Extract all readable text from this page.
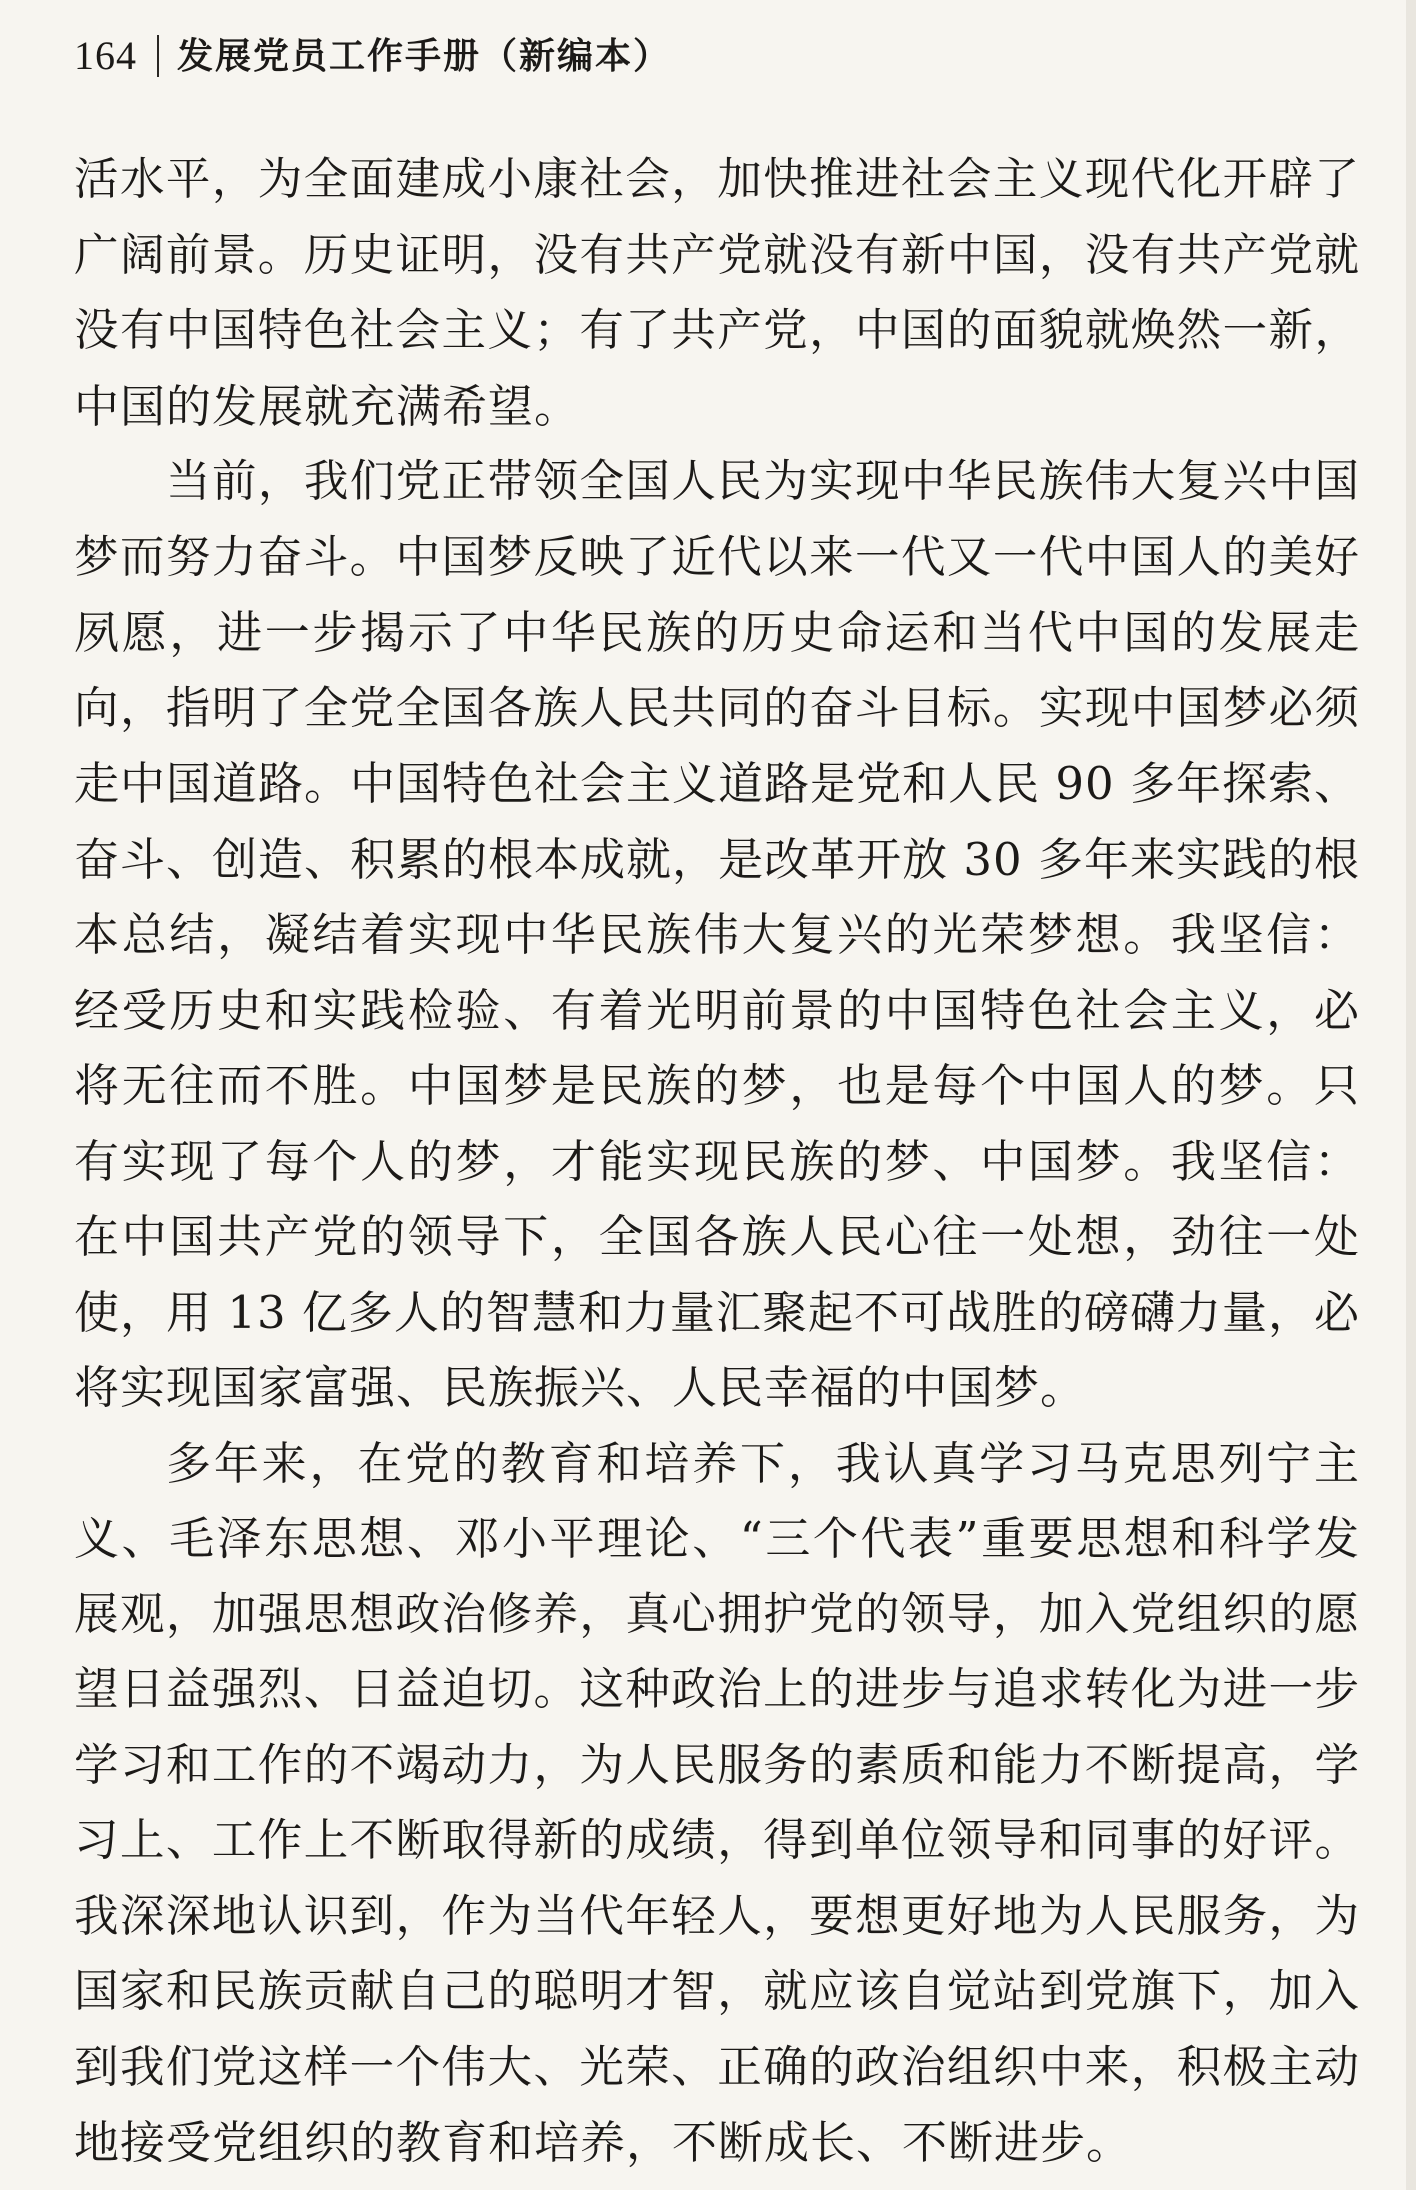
164 发展党员工作手册（新编本）
活水平，为全面建成小康社会，加快推进社会主义现代化开辟了
广阔前景。历史证明，没有共产党就没有新中国，没有共产党就
没有中国特色社会主义；有了共产党，中国的面貌就焕然一新，
中国的发展就充满希望。
当前，我们党正带领全国人民为实现中华民族伟大复兴中国
梦而努力奋斗。中国梦反映了近代以来一代又一代中国人的美好
夙愿，进一步揭示了中华民族的历史命运和当代中国的发展走
向，指明了全党全国各族人民共同的奋斗目标。实现中国梦必须
走中国道路。中国特色社会主义道路是党和人民 90 多年探索、
奋斗、创造、积累的根本成就，是改革开放 30 多年来实践的根
本总结，凝结着实现中华民族伟大复兴的光荣梦想。我坚信：
经受历史和实践检验、有着光明前景的中国特色社会主义，必
将无往而不胜。中国梦是民族的梦，也是每个中国人的梦。只
有实现了每个人的梦，才能实现民族的梦、中国梦。我坚信：
在中国共产党的领导下，全国各族人民心往一处想，劲往一处
使，用 13 亿多人的智慧和力量汇聚起不可战胜的磅礴力量，必
将实现国家富强、民族振兴、人民幸福的中国梦。
多年来，在党的教育和培养下，我认真学习马克思列宁主
义、毛泽东思想、邓小平理论、“三个代表”重要思想和科学发
展观，加强思想政治修养，真心拥护党的领导，加入党组织的愿
望日益强烈、日益迫切。这种政治上的进步与追求转化为进一步
学习和工作的不竭动力，为人民服务的素质和能力不断提高，学
习上、工作上不断取得新的成绩，得到单位领导和同事的好评。
我深深地认识到，作为当代年轻人，要想更好地为人民服务，为
国家和民族贡献自己的聪明才智，就应该自觉站到党旗下，加入
到我们党这样一个伟大、光荣、正确的政治组织中来，积极主动
地接受党组织的教育和培养，不断成长、不断进步。
